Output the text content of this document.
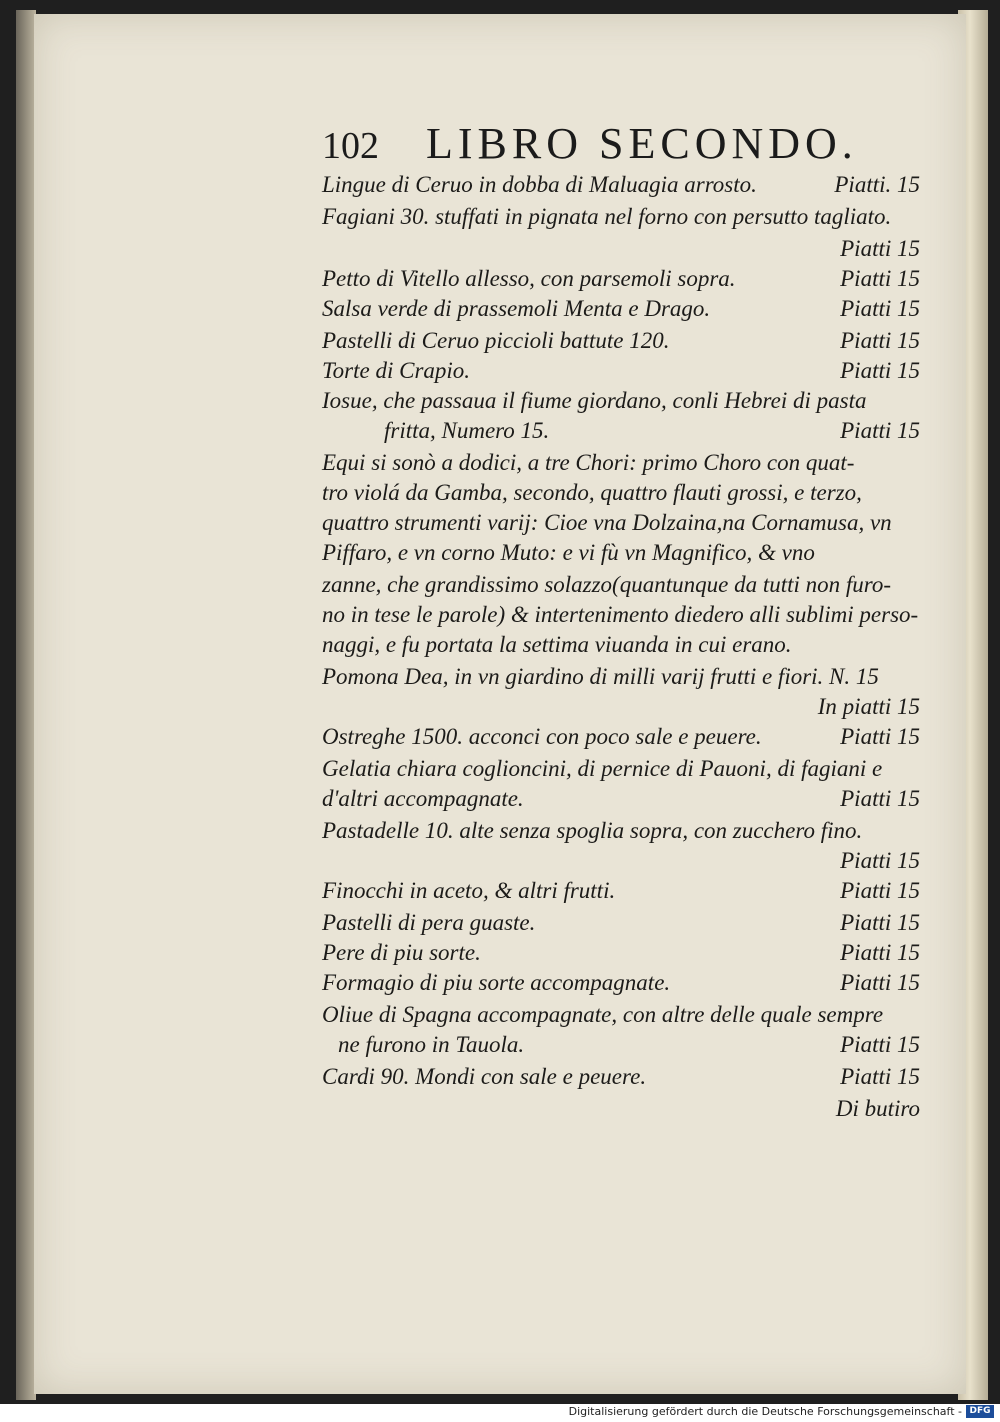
102 LIBRO SECONDO.
Lingue di Ceruo in dobba di Maluagia arrosto.	Piatti. 15
Fagiani 30. stuffati in pignata nel forno con persutto tagliato.
Piatti 15
Petto di Vitello allesso, con parsemoli sopra.	Piatti 15
Salsa verde di prassemoli Menta e Drago.	Piatti 15
Pastelli di Ceruo piccioli battute 120.	Piatti 15
Torte di Crapio.	Piatti 15
Iosue, che passaua il fiume giordano, conli Hebrei di pasta
fritta, Numero 15.	Piatti 15
Equi si sonò a dodici, a tre Chori: primo Choro con quat-
tro violá da Gamba, secondo, quattro flauti grossi, e terzo,
quattro strumenti varij: Cioe vna Dolzaina,na Cornamusa, vn
Piffaro, e vn corno Muto: e vi fù vn Magnifico, & vno
zanne, che grandissimo solazzo(quantunque da tutti non furo-
no in tese le parole) & intertenimento diedero alli sublimi perso-
naggi, e fu portata la settima viuanda in cui erano.
Pomona Dea, in vn giardino di milli varij frutti e fiori. N. 15
In piatti 15
Ostreghe 1500. acconci con poco sale e peuere.	Piatti 15
Gelatia chiara coglioncini, di pernice di Pauoni, di fagiani e
d'altri accompagnate.	Piatti 15
Pastadelle 10. alte senza spoglia sopra, con zucchero fino.
Piatti 15
Finocchi in aceto, & altri frutti.	Piatti 15
Pastelli di pera guaste.	Piatti 15
Pere di piu sorte.	Piatti 15
Formagio di piu sorte accompagnate.	Piatti 15
Oliue di Spagna accompagnate, con altre delle quale sempre
ne furono in Tauola.	Piatti 15
Cardi 90. Mondi con sale e peuere.	Piatti 15
Di butiro
Digitalisierung gefördert durch die Deutsche Forschungsgemeinschaft - DFG
